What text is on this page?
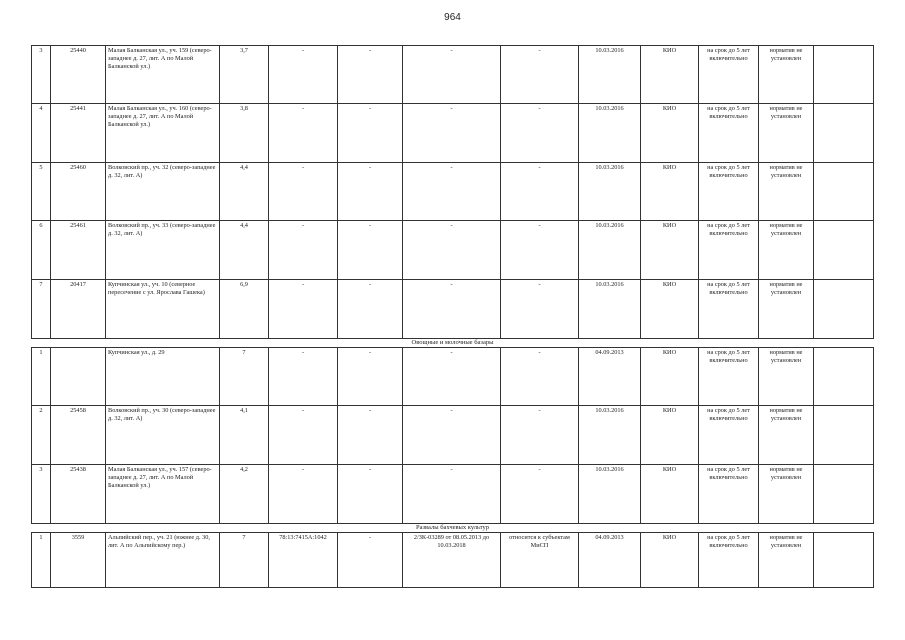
964
3	25440	Малая Балканская ул., уч. 159 (северо-западнее д. 27, лит. А по Малой Балканской ул.)	3,7	-	-	-	-	10.03.2016	КИО	на срок до 5 лет включительно	норматив не установлен	
4	25441	Малая Балканская ул., уч. 160 (северо-западнее д. 27, лит. А по Малой Балканской ул.)	3,8	-	-	-	-	10.03.2016	КИО	на срок до 5 лет включительно	норматив не установлен	
5	25460	Волковский пр., уч. 32 (северо-западнее д. 32, лит. А)	4,4	-	-	-	-	10.03.2016	КИО	на срок до 5 лет включительно	норматив не установлен	
6	25461	Волковский пр., уч. 33 (северо-западнее д. 32, лит. А)	4,4	-	-	-	-	10.03.2016	КИО	на срок до 5 лет включительно	норматив не установлен	
7	20417	Купчинская ул., уч. 10 (северное пересечение с ул. Ярослава Гашека)	6,9	-	-	-	-	10.03.2016	КИО	на срок до 5 лет включительно	норматив не установлен	
Овощные и молочные базары												
1		Купчинская ул., д. 29	7	-	-	-	-	04.09.2013	КИО	на срок до 5 лет включительно	норматив не установлен	
2	25458	Волковский пр., уч. 30 (северо-западнее д. 32, лит. А)	4,1	-	-	-	-	10.03.2016	КИО	на срок до 5 лет включительно	норматив не установлен	
3	25438	Малая Балканская ул., уч. 157 (северо-западнее д. 27, лит. А по Малой Балканской ул.)	4,2	-	-	-	-	10.03.2016	КИО	на срок до 5 лет включительно	норматив не установлен	
Развалы бахчевых культур												
1	3559	Альпийский пер., уч. 21 (южнее д. 30, лит. А по Альпийскому пер.)	7	78:13:7415А:1042	-	2/ЗК-03289 от 08.05.2013 до 10.03.2018	относится к субъектам МиСП	04.09.2013	КИО	на срок до 5 лет включительно	норматив не установлен	
